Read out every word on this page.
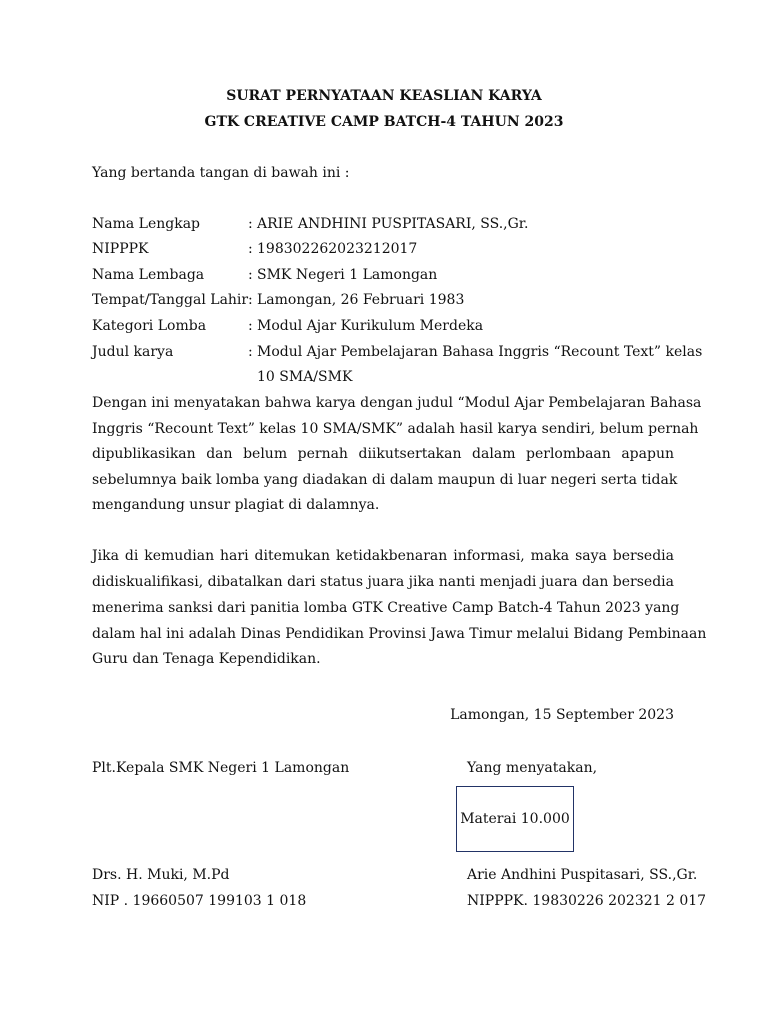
SURAT PERNYATAAN KEASLIAN KARYA
GTK CREATIVE CAMP BATCH-4 TAHUN 2023
Yang bertanda tangan di bawah ini :
Nama Lengkap	: ARIE ANDHINI PUSPITASARI, SS.,Gr.
NIPPPK	: 198302262023212017
Nama Lembaga	: SMK Negeri 1 Lamongan
Tempat/Tanggal Lahir : Lamongan, 26 Februari 1983
Kategori Lomba	: Modul Ajar Kurikulum Merdeka
Judul karya	: Modul Ajar Pembelajaran Bahasa Inggris “Recount Text” kelas
10 SMA/SMK
Dengan ini menyatakan bahwa karya dengan judul “Modul Ajar Pembelajaran Bahasa
Inggris “Recount Text” kelas 10 SMA/SMK” adalah hasil karya sendiri, belum pernah
dipublikasikan dan belum pernah diikutsertakan dalam perlombaan apapun
sebelumnya baik lomba yang diadakan di dalam maupun di luar negeri serta tidak
mengandung unsur plagiat di dalamnya.
Jika di kemudian hari ditemukan ketidakbenaran informasi, maka saya bersedia
didiskualifikasi, dibatalkan dari status juara jika nanti menjadi juara dan bersedia
menerima sanksi dari panitia lomba GTK Creative Camp Batch-4 Tahun 2023 yang
dalam hal ini adalah Dinas Pendidikan Provinsi Jawa Timur melalui Bidang Pembinaan
Guru dan Tenaga Kependidikan.
Lamongan, 15 September 2023
Plt.Kepala SMK Negeri 1 Lamongan	Yang menyatakan,
Materai 10.000
Drs. H. Muki, M.Pd	Arie Andhini Puspitasari, SS.,Gr.
NIP . 19660507 199103 1 018	NIPPPK. 19830226 202321 2 017
